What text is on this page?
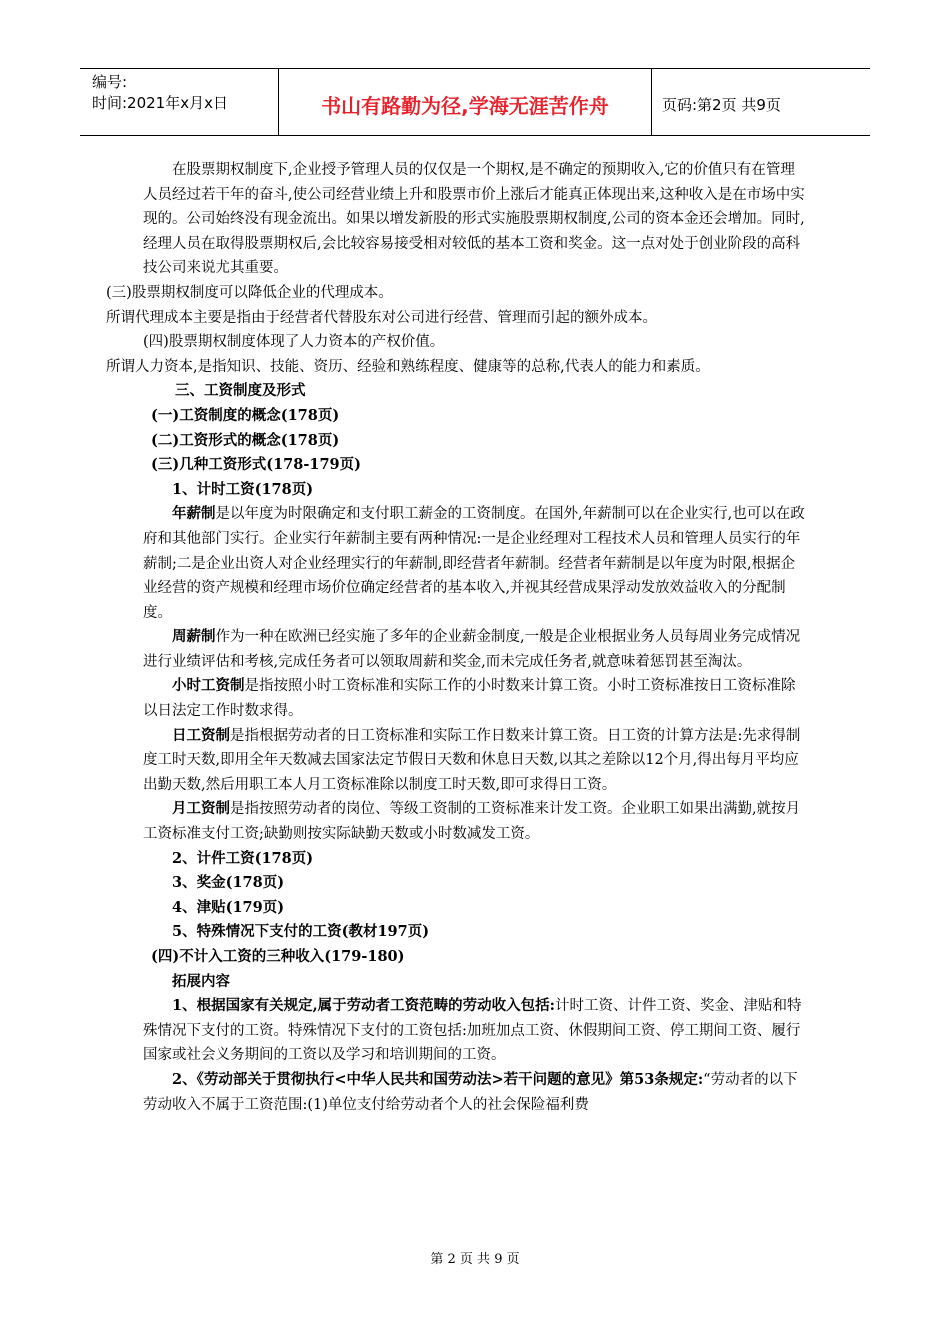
编号:
时间:2021年x月x日	书山有路勤为径,学海无涯苦作舟	页码:第2页 共9页

在股票期权制度下,企业授予管理人员的仅仅是一个期权,是不确定的预期收入,它的价值只有在管理人员经过若干年的奋斗,使公司经营业绩上升和股票市价上涨后才能真正体现出来,这种收入是在市场中实现的。公司始终没有现金流出。如果以增发新股的形式实施股票期权制度,公司的资本金还会增加。同时,经理人员在取得股票期权后,会比较容易接受相对较低的基本工资和奖金。这一点对处于创业阶段的高科技公司来说尤其重要。

(三)股票期权制度可以降低企业的代理成本。

所谓代理成本主要是指由于经营者代替股东对公司进行经营、管理而引起的额外成本。

(四)股票期权制度体现了人力资本的产权价值。

所谓人力资本,是指知识、技能、资历、经验和熟练程度、健康等的总称,代表人的能力和素质。

三、工资制度及形式

(一)工资制度的概念(178页)

(二)工资形式的概念(178页)

(三)几种工资形式(178-179页)

1、计时工资(178页)

年薪制是以年度为时限确定和支付职工薪金的工资制度。在国外,年薪制可以在企业实行,也可以在政府和其他部门实行。企业实行年薪制主要有两种情况:一是企业经理对工程技术人员和管理人员实行的年薪制;二是企业出资人对企业经理实行的年薪制,即经营者年薪制。经营者年薪制是以年度为时限,根据企业经营的资产规模和经理市场价位确定经营者的基本收入,并视其经营成果浮动发放效益收入的分配制度。

周薪制作为一种在欧洲已经实施了多年的企业薪金制度,一般是企业根据业务人员每周业务完成情况进行业绩评估和考核,完成任务者可以领取周薪和奖金,而未完成任务者,就意味着惩罚甚至淘汰。

小时工资制是指按照小时工资标准和实际工作的小时数来计算工资。小时工资标准按日工资标准除以日法定工作时数求得。

日工资制是指根据劳动者的日工资标准和实际工作日数来计算工资。日工资的计算方法是:先求得制度工时天数,即用全年天数减去国家法定节假日天数和休息日天数,以其之差除以12个月,得出每月平均应出勤天数,然后用职工本人月工资标准除以制度工时天数,即可求得日工资。

月工资制是指按照劳动者的岗位、等级工资制的工资标准来计发工资。企业职工如果出满勤,就按月工资标准支付工资;缺勤则按实际缺勤天数或小时数减发工资。

2、计件工资(178页)

3、奖金(178页)

4、津贴(179页)

5、特殊情况下支付的工资(教材197页)

(四)不计入工资的三种收入(179-180)

拓展内容

1、根据国家有关规定,属于劳动者工资范畴的劳动收入包括:计时工资、计件工资、奖金、津贴和特殊情况下支付的工资。特殊情况下支付的工资包括:加班加点工资、休假期间工资、停工期间工资、履行国家或社会义务期间的工资以及学习和培训期间的工资。

2、《劳动部关于贯彻执行<中华人民共和国劳动法>若干问题的意见》第53条规定:“劳动者的以下劳动收入不属于工资范围:(1)单位支付给劳动者个人的社会保险福利费

第 2 页 共 9 页
